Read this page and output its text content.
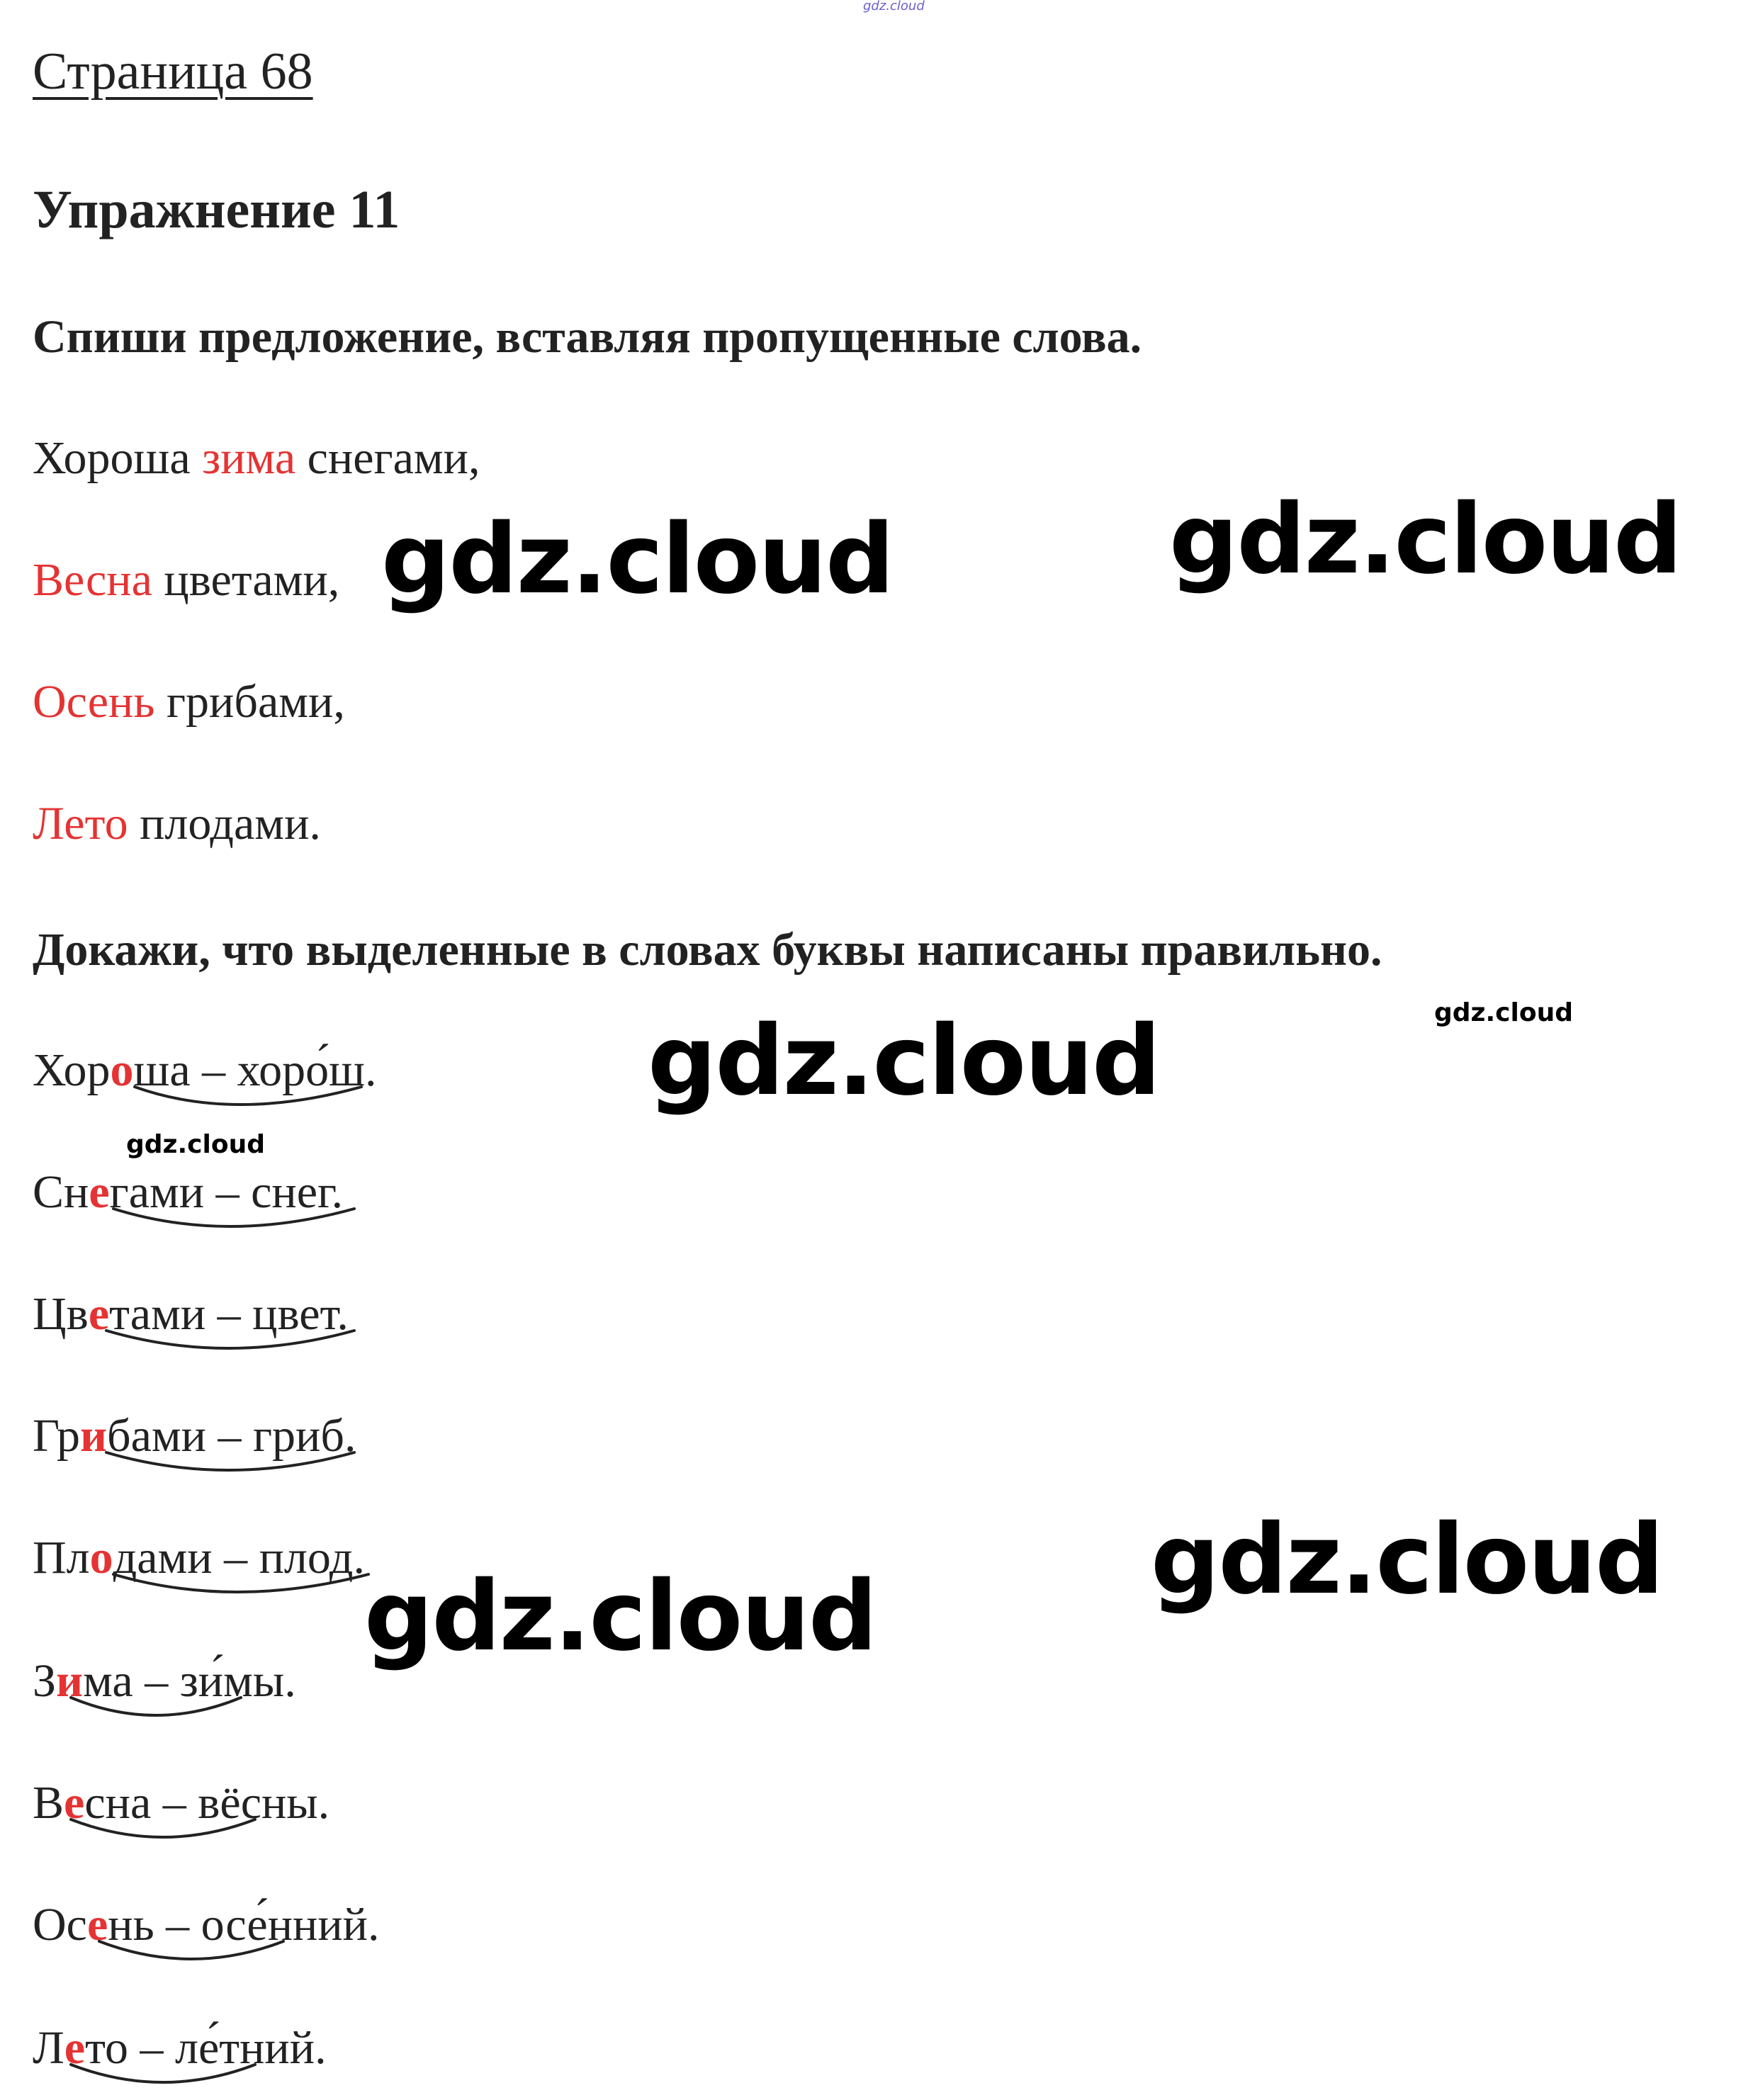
gdz.cloud
Страница 68
Упражнение 11
Спиши предложение, вставляя пропущенные слова.
Хороша зима снегами,
Весна цветами,
Осень грибами,
Лето плодами.
Докажи, что выделенные в словах буквы написаны правильно.
Хороша – хоро́ш.
Снегами – снег.
Цветами – цвет.
Грибами – гриб.
Плодами – плод.
Зима – зи́мы.
Весна – вёсны.
Осень – осе́нний.
Лето – ле́тний.
gdz.cloud	gdz.cloud
gdz.cloud
gdz.cloud
gdz.cloud
gdz.cloud
gdz.cloud
